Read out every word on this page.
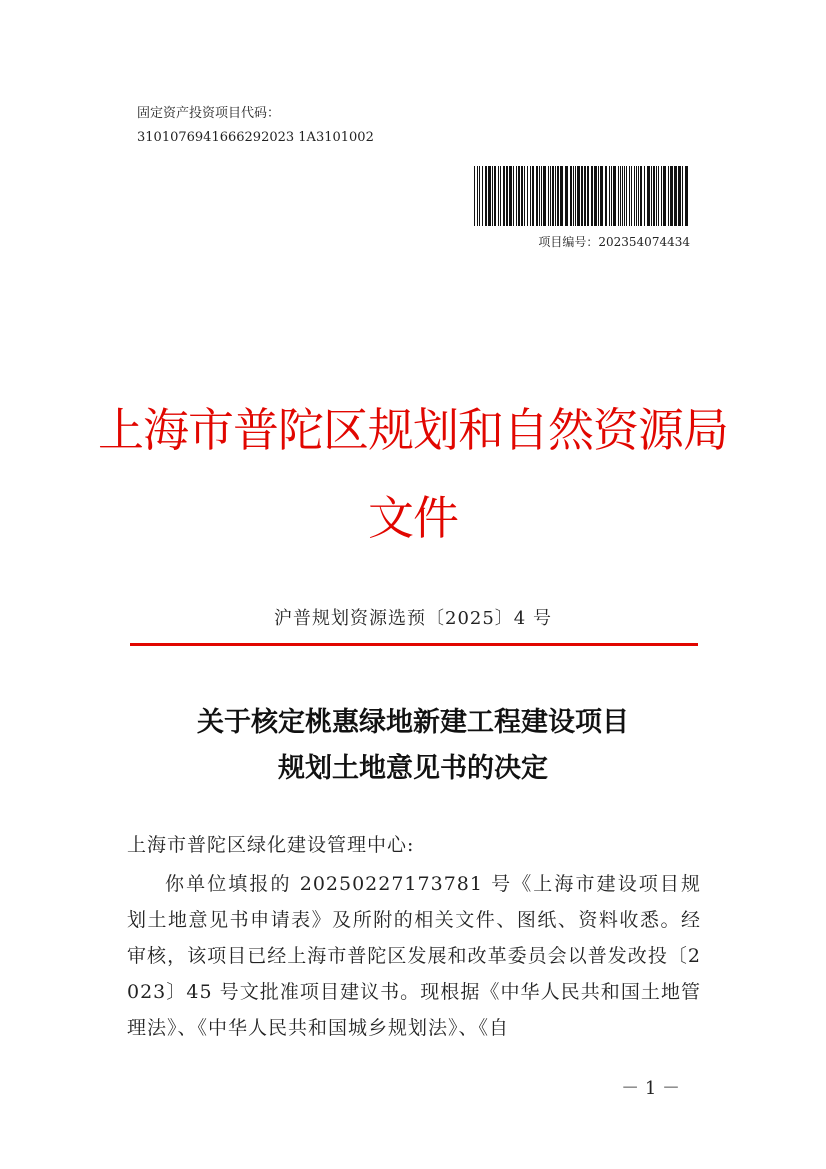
固定资产投资项目代码：
3101076941666292023 1A3101002
项目编号：202354074434
上海市普陀区规划和自然资源局
文件
沪普规划资源选预〔2025〕4 号
关于核定桃惠绿地新建工程建设项目
规划土地意见书的决定
上海市普陀区绿化建设管理中心:
你单位填报的 20250227173781 号《上海市建设项目规划土地意见书申请表》及所附的相关文件、图纸、资料收悉。经审核，该项目已经上海市普陀区发展和改革委员会以普发改投〔2023〕45 号文批准项目建议书。现根据《中华人民共和国土地管理法》、《中华人民共和国城乡规划法》、《自
－ 1 －
